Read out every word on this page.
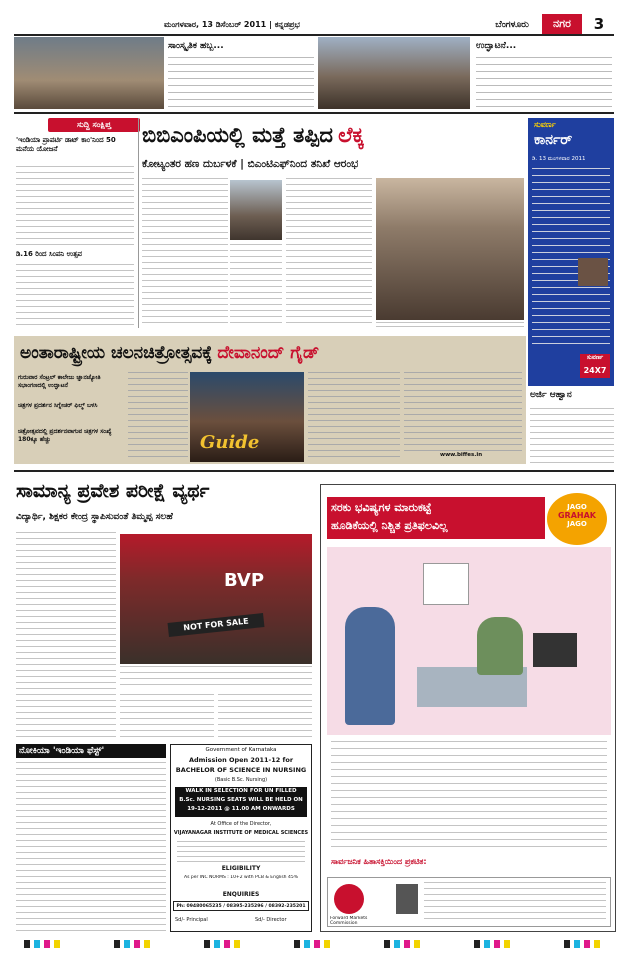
ಮಂಗಳವಾರ, 13 ಡಿಸೆಂಬರ್ 2011 | ಕನ್ನಡಪ್ರಭ	ಬೆಂಗಳೂರು	ನಗರ	3
ಸಾಂಸ್ಕೃತಿಕ ಹಬ್ಬ...	ಉದ್ಘಾಟನೆ...
ಸುದ್ದಿ ಸಂಕ್ಷಿಪ್ತ
'ಇಂಡಿಯಾ ಪ್ರಾಪರ್ಟಿ ಡಾಟ್ ಕಾಂ'ನಿಂದ 50 ಮನೆಯ ಯೋಜನೆ
ಡಿ.16 ರಿಂದ ಸಿಂಪನಿ ಉತ್ಸವ
ಬಿಬಿಎಂಪಿಯಲ್ಲಿ ಮತ್ತೆ ತಪ್ಪಿದ ಲೆಕ್ಕ
ಕೋಟ್ಯಂತರ ಹಣ ದುರ್ಬಳಕೆ | ಬಿಎಂಟಿಎಫ್‌ನಿಂದ ತನಿಖೆ ಆರಂಭ
ಸುವರ್ಣ
ಕಾರ್ನರ್
ಡಿ. 13 ಮಂಗಳವಾರ 2011
ಸುವರ್ಣ
24X7
ಅಂತಾರಾಷ್ಟ್ರೀಯ ಚಲನಚಿತ್ರೋತ್ಸವಕ್ಕೆ ದೇವಾನಂದ್ ಗೈಡ್
ಗುರುವಾರ ಸೆಂಟ್ರಲ್ ಕಾಲೇಜು ಜ್ಞಾನಜ್ಯೋತಿ ಸಭಾಂಗಣದಲ್ಲಿ ಉದ್ಘಾಟನೆ
ಚಿತ್ರಗಳ ಪ್ರದರ್ಶನ ಸಿಗ್ನೇಚರ್ ಫಿಲ್ಮ್ ಬಳಸಿ
ಚಿತ್ರೋತ್ಸವದಲ್ಲಿ ಪ್ರದರ್ಶನವಾಗುವ ಚಿತ್ರಗಳ ಸಂಖ್ಯೆ 180ಕ್ಕೂ ಹೆಚ್ಚು	Guide
www.biffes.in
ಅರ್ಜಿ ಆಹ್ವಾನ
ಸಾಮಾನ್ಯ ಪ್ರವೇಶ ಪರೀಕ್ಷೆ ವ್ಯರ್ಥ
ವಿದ್ಯಾರ್ಥಿ, ಶಿಕ್ಷಕರ ಕೇಂದ್ರ ಸ್ಥಾಪಿಸುವಂತೆ ತಿಮ್ಮಪ್ಪ ಸಲಹೆ
BVP
NOT FOR SALE
ನೋಕಿಯಾ 'ಇಂಡಿಯಾ ಫೆಸ್ಟ್'	Government of Karnataka
Admission Open 2011-12 for
BACHELOR OF SCIENCE IN NURSING
(Basic B.Sc. Nursing)
WALK IN SELECTION FOR UN FILLED
B.Sc. NURSING SEATS WILL BE HELD ON
19-12-2011 @ 11.00 AM ONWARDS
At Office of the Director,
VIJAYANAGAR INSTITUTE OF MEDICAL SCIENCES
ELIGIBILITY
As per INC NORMS : 10+2 with PCB & English 45%
ENQUIRIES
Ph: 09480065235 / 08395-235296 / 08392-235201
Sd/- Principal	Sd/- Director
ಸರಕು ಭವಿಷ್ಯಗಳ ಮಾರುಕಟ್ಟೆ
ಹೂಡಿಕೆಯಲ್ಲಿ ನಿಶ್ಚಿತ ಪ್ರತಿಫಲವಿಲ್ಲ
JAGO
GRAHAK
JAGO
ಸಾರ್ವಜನಿಕ ಹಿತಾಸಕ್ತಿಯಿಂದ ಪ್ರಕಟಿತ:
Forward Markets Commission
